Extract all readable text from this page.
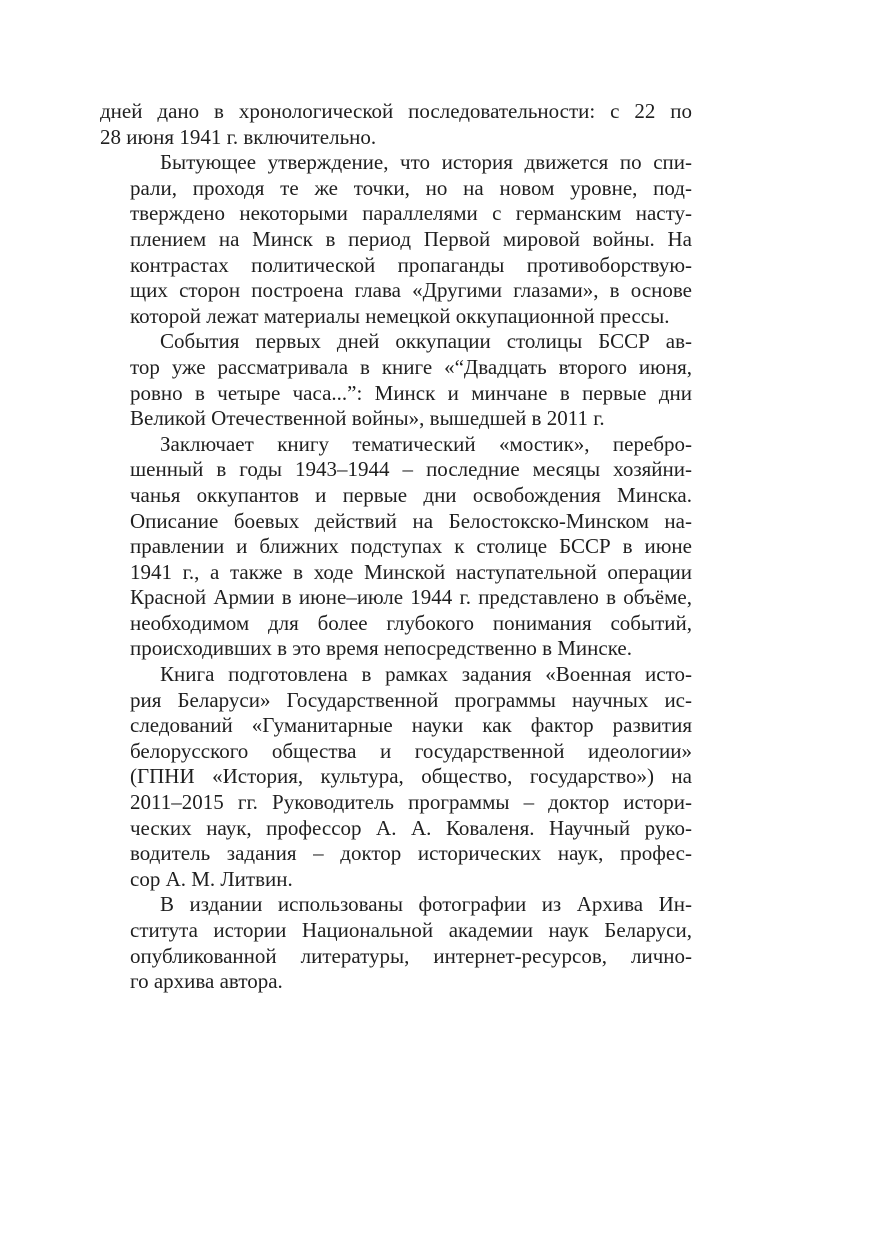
дней дано в хронологической последовательности: с 22 по
28 июня 1941 г. включительно.

Бытующее утверждение, что история движется по спи-
рали, проходя те же точки, но на новом уровне, под-
тверждено некоторыми параллелями с германским насту-
плением на Минск в период Первой мировой войны. На
контрастах политической пропаганды противоборствую-
щих сторон построена глава «Другими глазами», в основе
которой лежат материалы немецкой оккупационной прессы.

События первых дней оккупации столицы БССР ав-
тор уже рассматривала в книге «“Двадцать второго июня,
ровно в четыре часа...”: Минск и минчане в первые дни
Великой Отечественной войны», вышедшей в 2011 г.

Заключает книгу тематический «мостик», перебро-
шенный в годы 1943–1944 – последние месяцы хозяйни-
чанья оккупантов и первые дни освобождения Минска.
Описание боевых действий на Белостокско-Минском на-
правлении и ближних подступах к столице БССР в июне
1941 г., а также в ходе Минской наступательной операции
Красной Армии в июне–июле 1944 г. представлено в объёме,
необходимом для более глубокого понимания событий,
происходивших в это время непосредственно в Минске.

Книга подготовлена в рамках задания «Военная исто-
рия Беларуси» Государственной программы научных ис-
следований «Гуманитарные науки как фактор развития
белорусского общества и государственной идеологии»
(ГПНИ «История, культура, общество, государство») на
2011–2015 гг. Руководитель программы – доктор истори-
ческих наук, профессор А. А. Коваленя. Научный руко-
водитель задания – доктор исторических наук, профес-
сор А. М. Литвин.

В издании использованы фотографии из Архива Ин-
ститута истории Национальной академии наук Беларуси,
опубликованной литературы, интернет-ресурсов, лично-
го архива автора.
